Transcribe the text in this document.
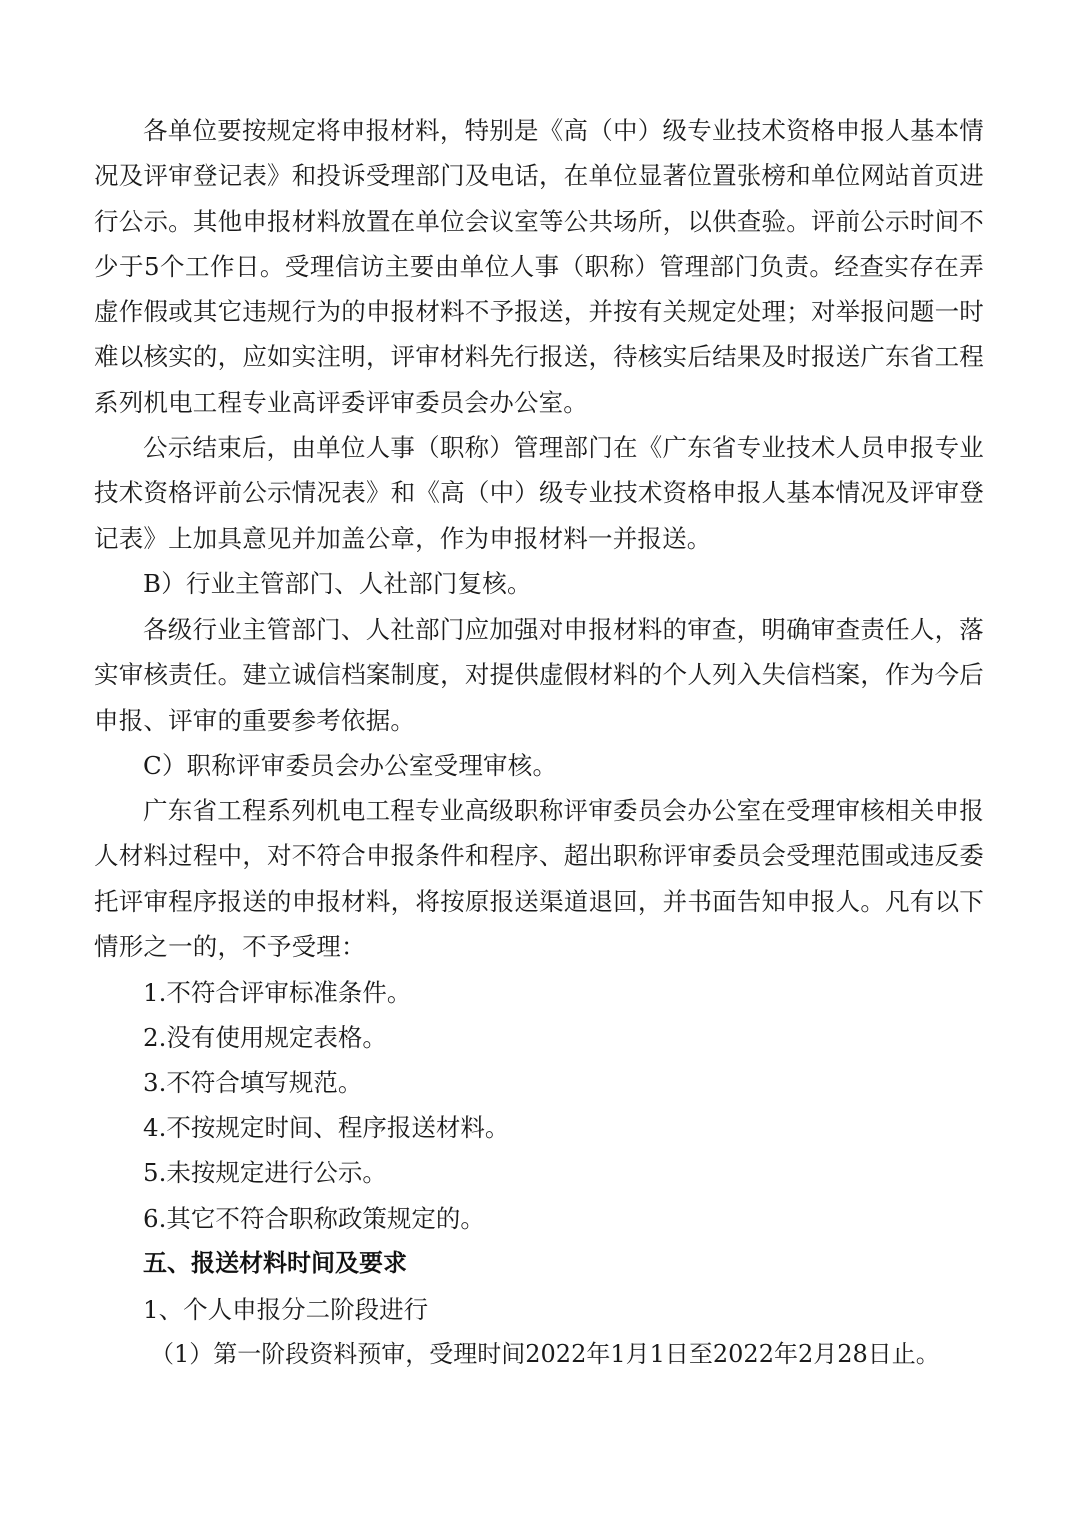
各单位要按规定将申报材料，特别是《高（中）级专业技术资格申报人基本情况及评审登记表》和投诉受理部门及电话，在单位显著位置张榜和单位网站首页进行公示。其他申报材料放置在单位会议室等公共场所，以供查验。评前公示时间不少于5个工作日。受理信访主要由单位人事（职称）管理部门负责。经查实存在弄虚作假或其它违规行为的申报材料不予报送，并按有关规定处理；对举报问题一时难以核实的，应如实注明，评审材料先行报送，待核实后结果及时报送广东省工程系列机电工程专业高评委评审委员会办公室。

公示结束后，由单位人事（职称）管理部门在《广东省专业技术人员申报专业技术资格评前公示情况表》和《高（中）级专业技术资格申报人基本情况及评审登记表》上加具意见并加盖公章，作为申报材料一并报送。

B）行业主管部门、人社部门复核。

各级行业主管部门、人社部门应加强对申报材料的审查，明确审查责任人，落实审核责任。建立诚信档案制度，对提供虚假材料的个人列入失信档案，作为今后申报、评审的重要参考依据。

C）职称评审委员会办公室受理审核。

广东省工程系列机电工程专业高级职称评审委员会办公室在受理审核相关申报人材料过程中，对不符合申报条件和程序、超出职称评审委员会受理范围或违反委托评审程序报送的申报材料，将按原报送渠道退回，并书面告知申报人。凡有以下情形之一的，不予受理：

1.不符合评审标准条件。

2.没有使用规定表格。

3.不符合填写规范。

4.不按规定时间、程序报送材料。

5.未按规定进行公示。

6.其它不符合职称政策规定的。

五、报送材料时间及要求

1、个人申报分二阶段进行

（1）第一阶段资料预审，受理时间2022年1月1日至2022年2月28日止。
